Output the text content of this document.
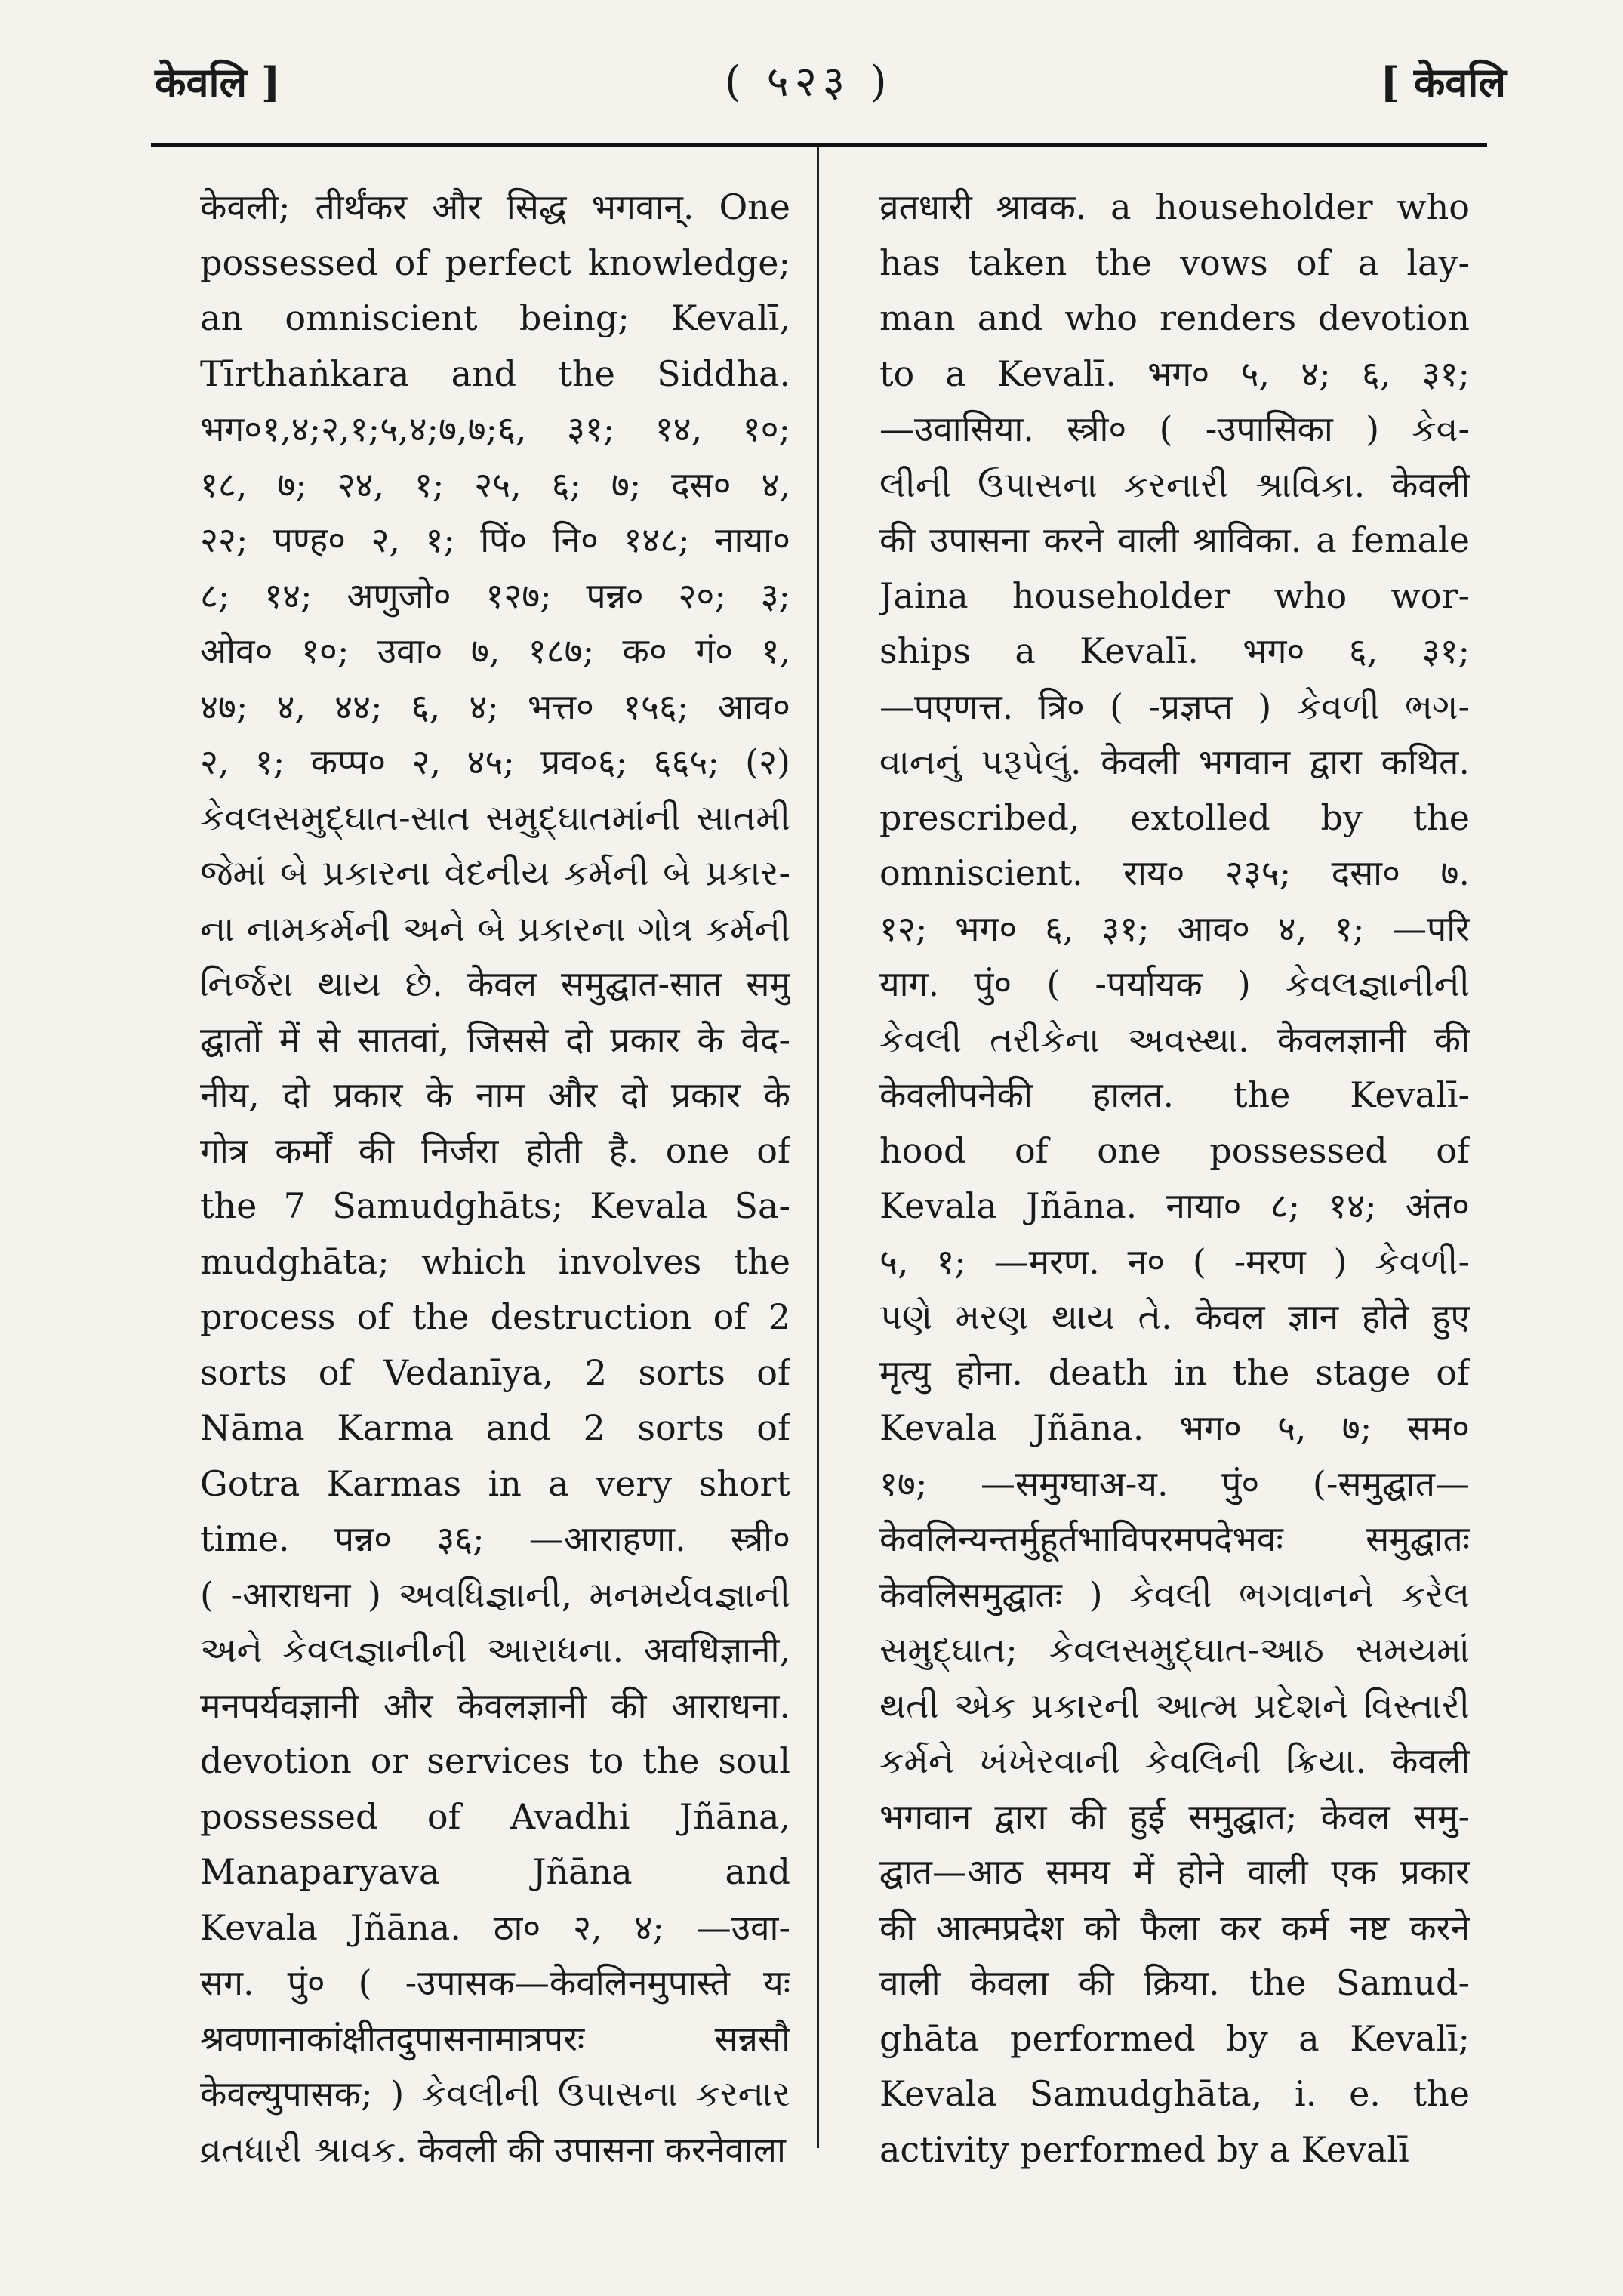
केवलि ]	( ५२३ )	[ केवलि
केवली; तीर्थंकर और सिद्ध भगवान्. One
possessed of perfect knowledge;
an omniscient being; Kevalī,
Tīrthaṅkara and the Siddha.
भग०१,४;२,१;५,४;७,७;६, ३१; १४, १०;
१८, ७; २४, १; २५, ६; ७; दस० ४,
२२; पण्ह० २, १; पिं० नि० १४८; नाया०
८; १४; अणुजो० १२७; पन्न० २०; ३;
ओव० १०; उवा० ७, १८७; क० गं० १,
४७; ४, ४४; ६, ४; भत्त० १५६; आव०
२, १; कप्प० २, ४५; प्रव०६; ६६५; (२)
કેવલસમુદ્ઘાત-સાત સમુદ્ઘાતમાંની સાતમી
જેમાં બે પ્રકારના વેદનીય કર્મની બે પ્રકાર-
ના નામકર્મની અને બે પ્રકારના ગોત્ર કર્મની
નિર્જરા થાય છે. केवल समुद्घात-सात समु
द्घातों में से सातवां, जिससे दो प्रकार के वेद-
नीय, दो प्रकार के नाम और दो प्रकार के
गोत्र कर्मों की निर्जरा होती है. one of
the 7 Samudghāts; Kevala Sa-
mudghāta; which involves the
process of the destruction of 2
sorts of Vedanīya, 2 sorts of
Nāma Karma and 2 sorts of
Gotra Karmas in a very short
time. पन्न० ३६; —आराहणा. स्त्री०
( -आराधना ) અવધિજ્ઞાની, મનમર્યવજ્ઞાની
અને કેવલજ્ઞાનીની આરાધના. अवधिज्ञानी,
मनपर्यवज्ञानी और केवलज्ञानी की आराधना.
devotion or services to the soul
possessed of Avadhi Jñāna,
Manaparyava Jñāna and
Kevala Jñāna. ठा० २, ४; —उवा-
सग. पुं० ( -उपासक—केवलिनमुपास्ते यः
श्रवणानाकांक्षीतदुपासनामात्रपरः सन्नसौ
केवल्युपासक; ) કેવલીની ઉપાસના કરનાર
વ્રતધારી શ્રાવક. केवली की उपासना करनेवाला
व्रतधारी श्रावक. a householder who
has taken the vows of a lay-
man and who renders devotion
to a Kevalī. भग० ५, ४; ६, ३१;
—उवासिया. स्त्री० ( -उपासिका ) કેવ-
લીની ઉપાસના કરનારી શ્રાવિકા. केवली
की उपासना करने वाली श्राविका. a female
Jaina householder who wor-
ships a Kevalī. भग० ६, ३१;
—पएणत्त. त्रि० ( -प्रज्ञप्त ) કેવળી ભગ-
વાનનું પરૂપેલું. केवली भगवान द्वारा कथित.
prescribed, extolled by the
omniscient. राय० २३५; दसा० ७.
१२; भग० ६, ३१; आव० ४, १; —परि
याग. पुं० ( -पर्यायक ) કેવલજ્ઞાનીની
કેવલી તરીકેના અવસ્થા. केवलज्ञानी की
केवलीपनेकी हालत. the Kevalī-
hood of one possessed of
Kevala Jñāna. नाया० ८; १४; अंत०
५, १; —मरण. न० ( -मरण ) કેવળી-
પણે મરણ થાય તે. केवल ज्ञान होते हुए
मृत्यु होना. death in the stage of
Kevala Jñāna. भग० ५, ७; सम०
१७; —समुग्घाअ-य. पुं० (-समुद्घात—
केवलिन्यन्तर्मुहूर्तभाविपरमपदेभवः समुद्घातः
केवलिसमुद्घातः ) કેવલી ભગવાનને કરેલ
સમુદ્ઘાત; કેવલસમુદ્ઘાત-આઠ સમયમાં
થતી એક પ્રકારની આત્મ પ્રદેશને વિસ્તારી
કર્મને ખંખેરવાની કેવલિની ક્રિયા. केवली
भगवान द्वारा की हुई समुद्घात; केवल समु-
द्घात—आठ समय में होने वाली एक प्रकार
की आत्मप्रदेश को फैला कर कर्म नष्ट करने
वाली केवला की क्रिया. the Samud-
ghāta performed by a Kevalī;
Kevala Samudghāta, i. e. the
activity performed by a Kevalī
